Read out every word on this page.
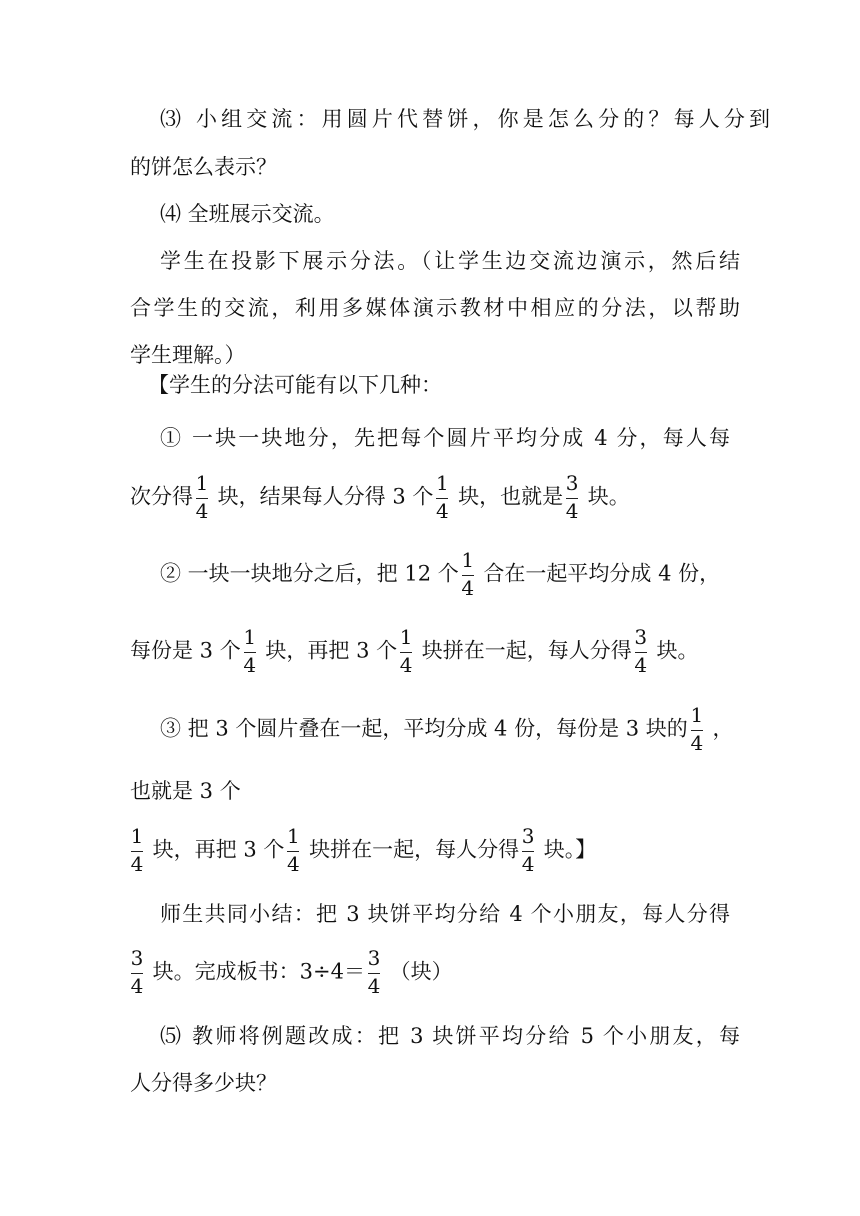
⑶ 小组交流：用圆片代替饼，你是怎么分的？每人分到
的饼怎么表示？
⑷ 全班展示交流。
学生在投影下展示分法。（让学生边交流边演示，然后结
合学生的交流，利用多媒体演示教材中相应的分法，以帮助
学生理解。）
【学生的分法可能有以下几种：
① 一块一块地分，先把每个圆片平均分成 4 分，每人每
次分得 $\frac{1}{4}$ 块，结果每人分得 3 个 $\frac{1}{4}$ 块，也就是 $\frac{3}{4}$ 块。
② 一块一块地分之后，把 12 个 $\frac{1}{4}$ 合在一起平均分成 4 份，
每份是 3 个 $\frac{1}{4}$ 块，再把 3 个 $\frac{1}{4}$ 块拼在一起，每人分得 $\frac{3}{4}$ 块。
③ 把 3 个圆片叠在一起，平均分成 4 份，每份是 3 块的 $\frac{1}{4}$ ，
也就是 3 个
$\frac{1}{4}$ 块，再把 3 个 $\frac{1}{4}$ 块拼在一起，每人分得 $\frac{3}{4}$ 块。】
师生共同小结：把 3 块饼平均分给 4 个小朋友，每人分得
$\frac{3}{4}$ 块。完成板书：$3\div 4= \frac{3}{4}$ （块）
⑸ 教师将例题改成：把 3 块饼平均分给 5 个小朋友，每
人分得多少块？
